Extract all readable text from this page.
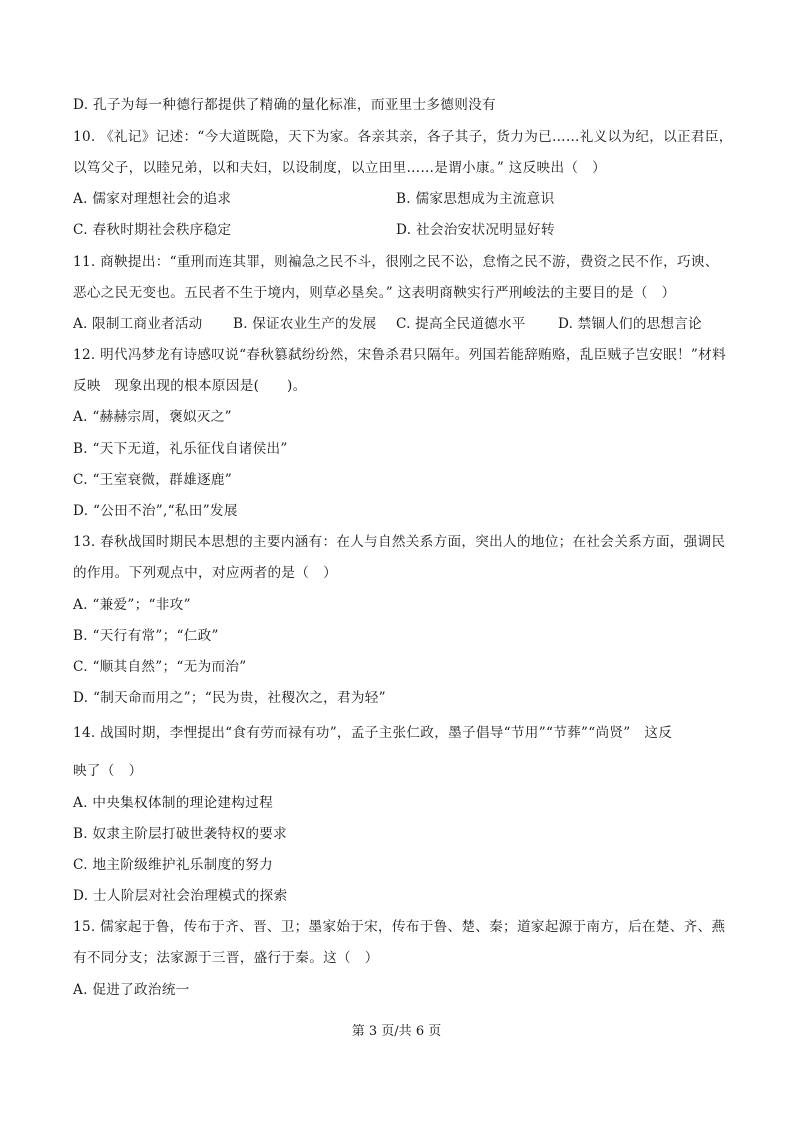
D. 孔子为每一种德行都提供了精确的量化标准，而亚里士多德则没有
10. 《礼记》记述：“今大道既隐，天下为家。各亲其亲，各子其子，货力为已……礼义以为纪，以正君臣，
以笃父子，以睦兄弟，以和夫妇，以设制度，以立田里……是谓小康。” 这反映出（　）
A. 儒家对理想社会的追求	B. 儒家思想成为主流意识
C. 春秋时期社会秩序稳定	D. 社会治安状况明显好转
11. 商鞅提出：“重刑而连其罪，则褊急之民不斗，很刚之民不讼，怠惰之民不游，费资之民不作，巧谀、
恶心之民无变也。五民者不生于境内，则草必垦矣。” 这表明商鞅实行严刑峻法的主要目的是（　）
A. 限制工商业者活动 B. 保证农业生产的发展 C. 提高全民道德水平 D. 禁锢人们的思想言论
12. 明代冯梦龙有诗感叹说“春秋篡弑纷纷然，宋鲁杀君只隔年。列国若能辞贿赂，乱臣贼子岂安眠！”材料
反映　现象出现的根本原因是(　　)。
A. “赫赫宗周，褒姒灭之”
B. “天下无道，礼乐征伐自诸侯出”
C. “王室衰微，群雄逐鹿”
D. “公田不治”,“私田”发展
13. 春秋战国时期民本思想的主要内涵有：在人与自然关系方面，突出人的地位；在社会关系方面，强调民
的作用。下列观点中，对应两者的是（　）
A. “兼爱”；“非攻”
B. “天行有常”；“仁政”
C. “顺其自然”；“无为而治”
D. “制天命而用之”；“民为贵，社稷次之，君为轻”
14. 战国时期，李悝提出“食有劳而禄有功”，孟子主张仁政，墨子倡导“节用”“节葬”“尚贤”　这反
映了（　）
A. 中央集权体制的理论建构过程
B. 奴隶主阶层打破世袭特权的要求
C. 地主阶级维护礼乐制度的努力
D. 士人阶层对社会治理模式的探索
15. 儒家起于鲁，传布于齐、晋、卫；墨家始于宋，传布于鲁、楚、秦；道家起源于南方，后在楚、齐、燕
有不同分支；法家源于三晋，盛行于秦。这（　）
A. 促进了政治统一
第 3 页/共 6 页
